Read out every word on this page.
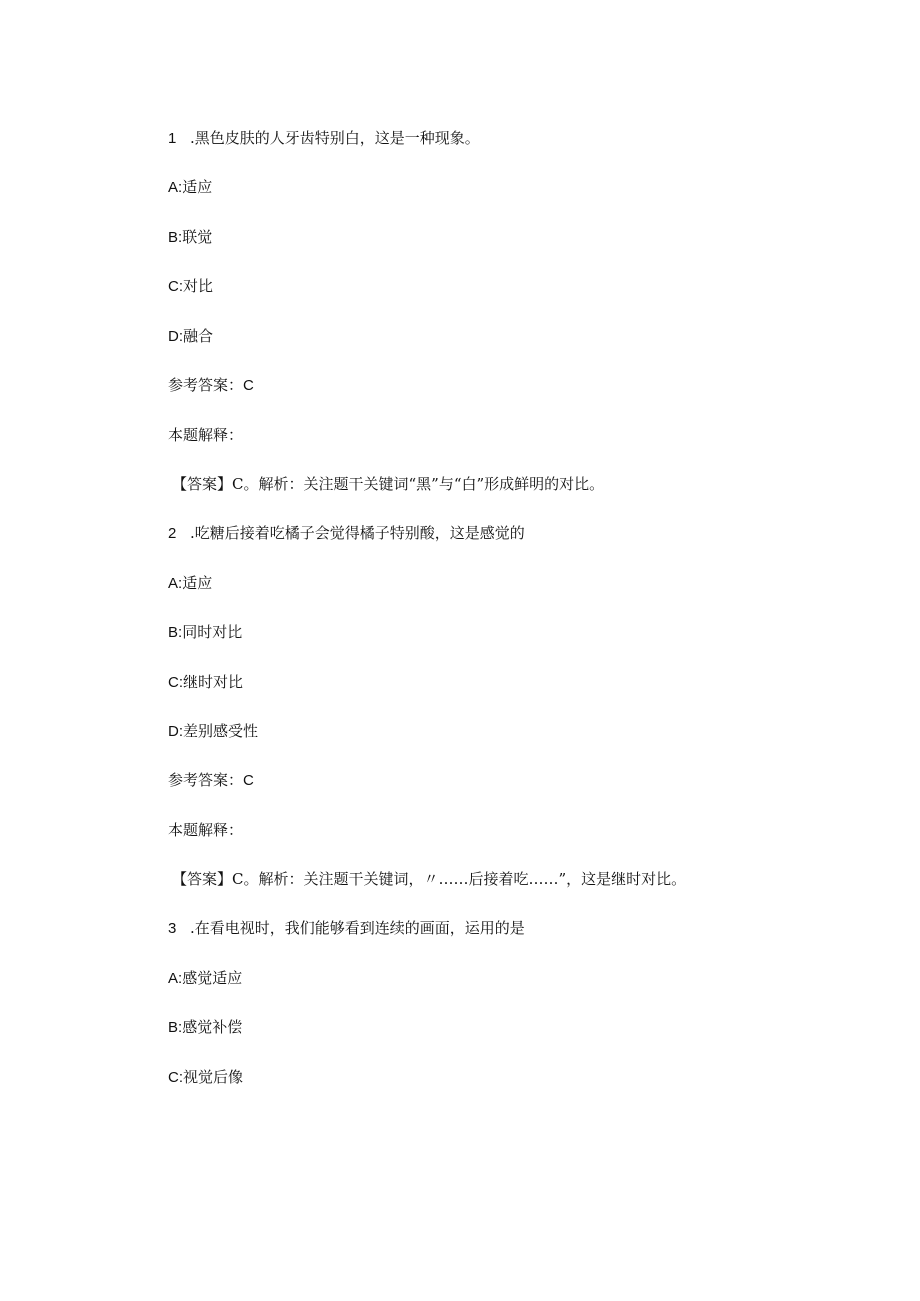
1 .黑色皮肤的人牙齿特别白，这是一种现象。
A:适应
B:联觉
C:对比
D:融合
参考答案：C
本题解释：
【答案】C。解析：关注题干关键词“黑”与“白”形成鲜明的对比。
2 .吃糖后接着吃橘子会觉得橘子特别酸，这是感觉的
A:适应
B:同时对比
C:继时对比
D:差别感受性
参考答案：C
本题解释：
【答案】C。解析：关注题干关键词，〃……后接着吃……”，这是继时对比。
3 .在看电视时，我们能够看到连续的画面，运用的是
A:感觉适应
B:感觉补偿
C:视觉后像
